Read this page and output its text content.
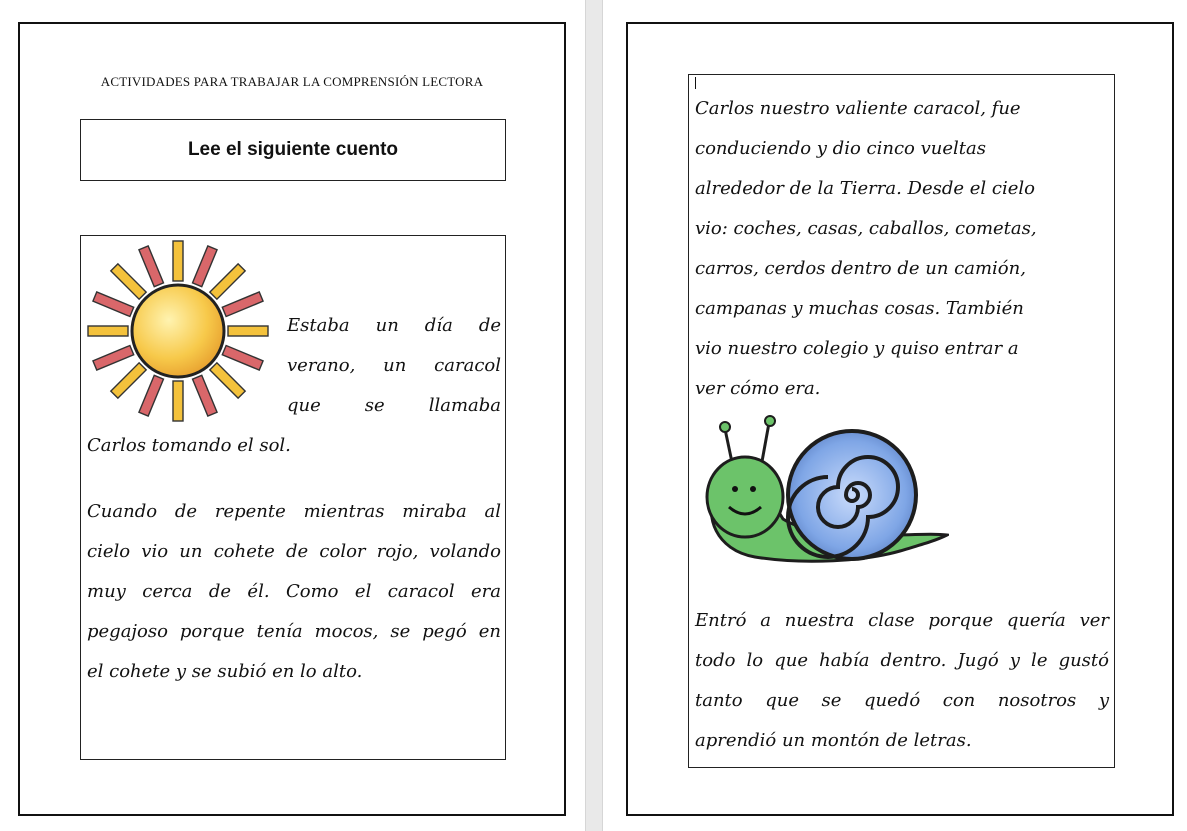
ACTIVIDADES PARA TRABAJAR LA COMPRENSIÓN LECTORA
Lee el siguiente cuento
Estaba un día de
verano, un caracol
que se llamaba
Carlos tomando el sol.
Cuando de repente mientras miraba al
cielo vio un cohete de color rojo, volando
muy cerca de él. Como el caracol era
pegajoso porque tenía mocos, se pegó en
el cohete y se subió en lo alto.
Carlos nuestro valiente caracol, fue
conduciendo y dio cinco vueltas
alrededor de la Tierra. Desde el cielo
vio: coches, casas, caballos, cometas,
carros, cerdos dentro de un camión,
campanas y muchas cosas. También
vio nuestro colegio y quiso entrar a
ver cómo era.
Entró a nuestra clase porque quería ver
todo lo que había dentro. Jugó y le gustó
tanto que se quedó con nosotros y
aprendió un montón de letras.
